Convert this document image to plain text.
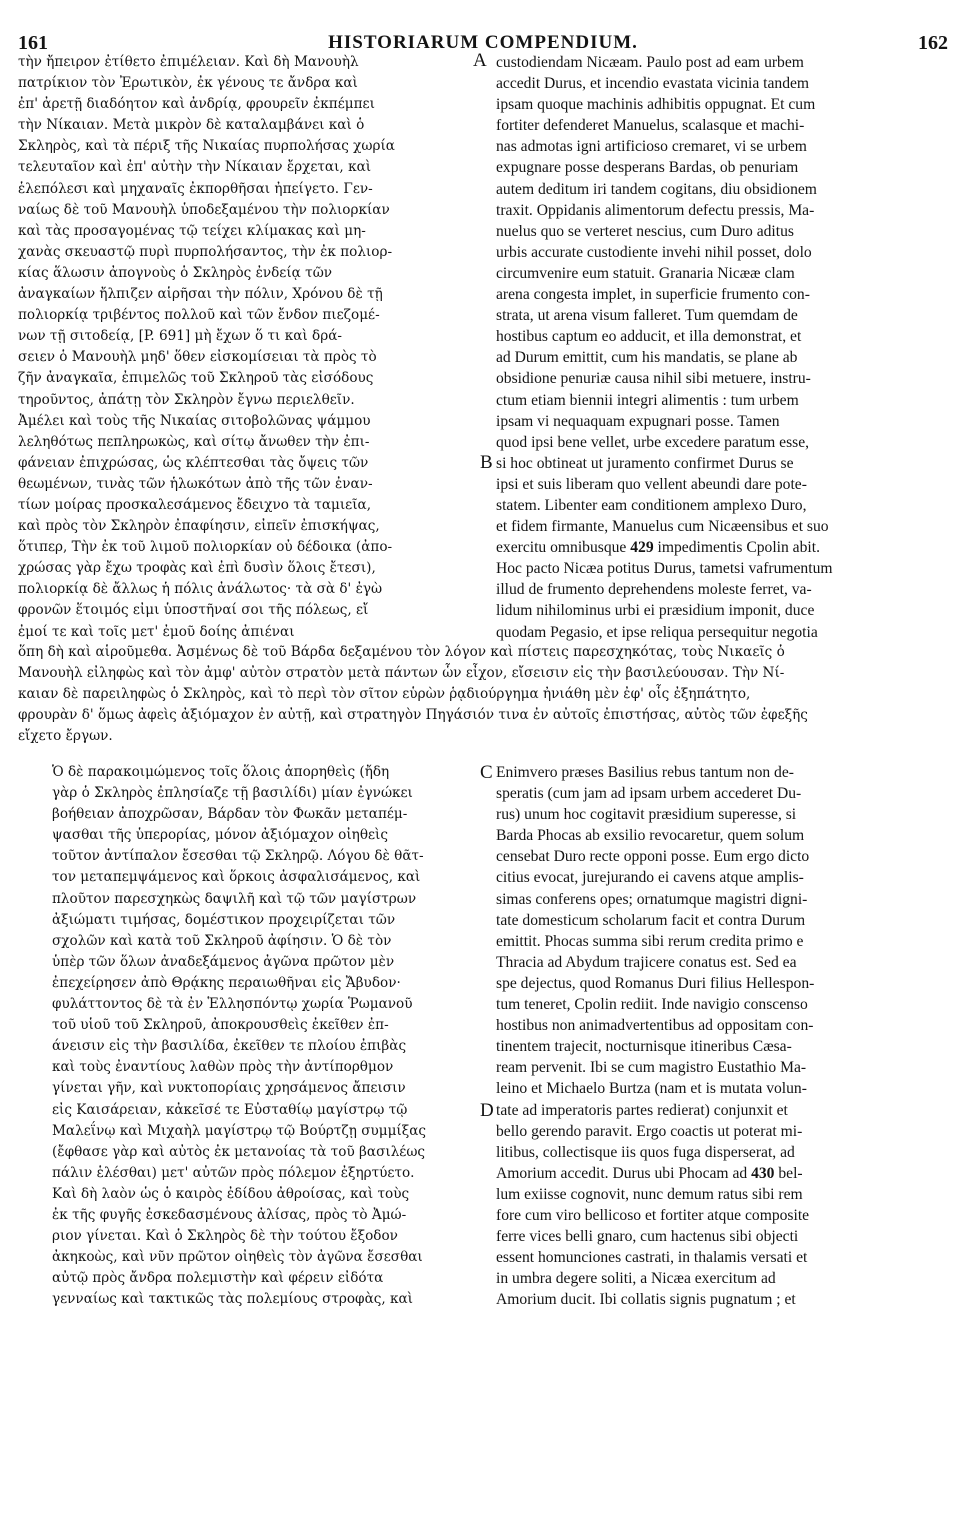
161	HISTORIARUM COMPENDIUM.	162
τὴν ἤπειρον ἐτίθετο ἐπιμέλειαν. Καὶ δὴ Μανουὴλ
πατρίκιον τὸν Ἐρωτικὸν, ἐκ γένους τε ἄνδρα καὶ
ἐπ' ἀρετῇ διαδόητον καὶ ἀνδρίᾳ, φρουρεῖν ἐκπέμπει
τὴν Νίκαιαν. Μετὰ μικρὸν δὲ καταλαμβάνει καὶ ὁ
Σκληρὸς, καὶ τὰ πέριξ τῆς Νικαίας πυρπολήσας χωρία
τελευταῖον καὶ ἐπ' αὐτὴν τὴν Νίκαιαν ἔρχεται, καὶ
ἑλεπόλεσι καὶ μηχαναῖς ἐκπορθῆσαι ἠπείγετο. Γεν-
ναίως δὲ τοῦ Μανουὴλ ὑποδεξαμένου τὴν πολιορκίαν
καὶ τὰς προσαγομένας τῷ τείχει κλίμακας καὶ μη-
χανὰς σκευαστῷ πυρὶ πυρπολήσαντος, τὴν ἐκ πολιορ-
κίας ἅλωσιν ἀπογνοὺς ὁ Σκληρὸς ἐνδείᾳ τῶν
ἀναγκαίων ἤλπιζεν αἱρῆσαι τὴν πόλιν, Χρόνου δὲ τῇ
πολιορκίᾳ τριβέντος πολλοῦ καὶ τῶν ἔνδον πιεζομέ-
νων τῇ σιτοδείᾳ, [P. 691] μὴ ἔχων ὅ τι καὶ δρά-
σειεν ὁ Μανουὴλ μηδ' ὅθεν εἰσκομίσειαι τὰ πρὸς τὸ
ζῆν ἀναγκαῖα, ἐπιμελῶς τοῦ Σκληροῦ τὰς εἰσόδους
τηροῦντος, ἀπάτῃ τὸν Σκληρὸν ἔγνω περιελθεῖν.
Ἀμέλει καὶ τοὺς τῆς Νικαίας σιτοβολῶνας ψάμμου
λεληθότως πεπληρωκὼς, καὶ σίτῳ ἄνωθεν τὴν ἐπι-
φάνειαν ἐπιχρώσας, ὡς κλέπτεσθαι τὰς ὄψεις τῶν
θεωμένων, τινὰς τῶν ἡλωκότων ἀπὸ τῆς τῶν ἐναν-
τίων μοίρας προσκαλεσάμενος ἔδειχνο τὰ ταμιεῖα,
καὶ πρὸς τὸν Σκληρὸν ἐπαφίησιν, εἰπεῖν ἐπισκήψας,
ὅτιπερ, Τὴν ἐκ τοῦ λιμοῦ πολιορκίαν οὐ δέδοικα (ἀπο-
χρώσας γὰρ ἔχω τροφὰς καὶ ἐπὶ δυσὶν ὅλοις ἔτεσι),
πολιορκίᾳ δὲ ἄλλως ἡ πόλις ἀνάλωτος· τὰ σὰ δ' ἐγὼ
φρονῶν ἕτοιμός εἰμι ὑποστῆναί σοι τῆς πόλεως, εἴ
ἐμοί τε καὶ τοῖς μετ' ἐμοῦ δοίης ἀπιέναι
A
B
custodiendam Nicæam. Paulo post ad eam urbem
accedit Durus, et incendio evastata vicinia tandem
ipsam quoque machinis adhibitis oppugnat. Et cum
fortiter defenderet Manuelus, scalasque et machi-
nas admotas igni artificioso cremaret, vi se urbem
expugnare posse desperans Bardas, ob penuriam
autem deditum iri tandem cogitans, diu obsidionem
traxit. Oppidanis alimentorum defectu pressis, Ma-
nuelus quo se verteret nescius, cum Duro aditus
urbis accurate custodiente invehi nihil posset, dolo
circumvenire eum statuit. Granaria Nicææ clam
arena congesta implet, in superficie frumento con-
strata, ut arena visum falleret. Tum quemdam de
hostibus captum eo adducit, et illa demonstrat, et
ad Durum emittit, cum his mandatis, se plane ab
obsidione penuriæ causa nihil sibi metuere, instru-
ctum etiam biennii integri alimentis : tum urbem
ipsam vi nequaquam expugnari posse. Tamen
quod ipsi bene vellet, urbe excedere paratum esse,
si hoc obtineat ut juramento confirmet Durus se
ipsi et suis liberam quo vellent abeundi dare pote-
statem. Libenter eam conditionem amplexo Duro,
et fidem firmante, Manuelus cum Nicæensibus et suo
exercitu omnibusque 429 impedimentis Cpolin abit.
Hoc pacto Nicæa potitus Durus, tametsi vafrumentum
illud de frumento deprehendens moleste ferret, va-
lidum nihilominus urbi ei præsidium imponit, duce
quodam Pegasio, et ipse reliqua persequitur negotia
ὅπη δὴ καὶ αἱροῦμεθα. Ἀσμένως δὲ τοῦ Βάρδα δεξαμένου τὸν λόγον καὶ πίστεις παρεσχηκότας, τοὺς Νικαεῖς ὁ
Μανουὴλ εἰληφὼς καὶ τὸν ἀμφ' αὐτὸν στρατὸν μετὰ πάντων ὧν εἶχον, εἴσεισιν εἰς τὴν βασιλεύουσαν. Τὴν Νί-
καιαν δὲ παρειληφὼς ὁ Σκληρὸς, καὶ τὸ περὶ τὸν σῖτον εὑρὼν ῥᾳδιούργημα ἠνιάθη μὲν ἐφ' οἷς ἐξηπάτητο,
φρουρὰν δ' ὅμως ἀφεὶς ἀξιόμαχον ἐν αὐτῇ, καὶ στρατηγὸν Πηγάσιόν τινα ἐν αὐτοῖς ἐπιστήσας, αὐτὸς τῶν ἐφεξῆς
εἴχετο ἔργων.
Ὁ δὲ παρακοιμώμενος τοῖς ὅλοις ἀπορηθεὶς (ἤδη
γὰρ ὁ Σκληρὸς ἐπλησίαζε τῇ βασιλίδι) μίαν ἐγνώκει
βοήθειαν ἀποχρῶσαν, Βάρδαν τὸν Φωκᾶν μεταπέμ-
ψασθαι τῆς ὑπερορίας, μόνον ἀξιόμαχον οἰηθεὶς
τοῦτον ἀντίπαλον ἔσεσθαι τῷ Σκληρῷ. Λόγου δὲ θᾶτ-
τον μεταπεμψάμενος καὶ ὅρκοις ἀσφαλισάμενος, καὶ
πλοῦτον παρεσχηκὼς δαψιλῆ καὶ τῷ τῶν μαγίστρων
ἀξιώματι τιμήσας, δομέστικον προχειρίζεται τῶν
σχολῶν καὶ κατὰ τοῦ Σκληροῦ ἀφίησιν. Ὁ δὲ τὸν
ὑπὲρ τῶν ὅλων ἀναδεξάμενος ἀγῶνα πρῶτον μὲν
ἐπεχείρησεν ἀπὸ Θρᾴκης περαιωθῆναι εἰς Ἄβυδον·
φυλάττοντος δὲ τὰ ἐν Ἑλλησπόντῳ χωρία Ῥωμανοῦ
τοῦ υἱοῦ τοῦ Σκληροῦ, ἀποκρουσθεὶς ἐκεῖθεν ἐπ-
άνεισιν εἰς τὴν βασιλίδα, ἐκεῖθεν τε πλοίου ἐπιβὰς
καὶ τοὺς ἐναντίους λαθὼν πρὸς τὴν ἀντίπορθμον
γίνεται γῆν, καὶ νυκτοπορίαις χρησάμενος ἄπεισιν
εἰς Καισάρειαν, κἀκεῖσέ τε Εὐσταθίῳ μαγίστρῳ τῷ
Μαλεΐνῳ καὶ Μιχαὴλ μαγίστρῳ τῷ Βούρτζῃ συμμίξας
(ἔφθασε γὰρ καὶ αὐτὸς ἐκ μετανοίας τὰ τοῦ βασιλέως
πάλιν ἑλέσθαι) μετ' αὐτῶν πρὸς πόλεμον ἐξηρτύετο.
Καὶ δὴ λαὸν ὡς ὁ καιρὸς ἐδίδου ἀθροίσας, καὶ τοὺς
ἐκ τῆς φυγῆς ἐσκεδασμένους ἀλίσας, πρὸς τὸ Ἀμώ-
ριον γίνεται. Καὶ ὁ Σκληρὸς δὲ τὴν τούτου ἔξοδον
ἀκηκοὼς, καὶ νῦν πρῶτον οἰηθεὶς τὸν ἀγῶνα ἔσεσθαι
αὐτῷ πρὸς ἄνδρα πολεμιστὴν καὶ φέρειν εἰδότα
γενναίως καὶ τακτικῶς τὰς πολεμίους στροφὰς, καὶ
C
D
Enimvero præses Basilius rebus tantum non de-
speratis (cum jam ad ipsam urbem accederet Du-
rus) unum hoc cogitavit præsidium superesse, si
Barda Phocas ab exsilio revocaretur, quem solum
censebat Duro recte opponi posse. Eum ergo dicto
citius evocat, jurejurando ei cavens atque amplis-
simas conferens opes; ornatumque magistri digni-
tate domesticum scholarum facit et contra Durum
emittit. Phocas summa sibi rerum credita primo e
Thracia ad Abydum trajicere conatus est. Sed ea
spe dejectus, quod Romanus Duri filius Hellespon-
tum teneret, Cpolin rediit. Inde navigio conscenso
hostibus non animadvertentibus ad oppositam con-
tinentem trajecit, nocturnisque itineribus Cæsa-
ream pervenit. Ibi se cum magistro Eustathio Ma-
leino et Michaelo Burtza (nam et is mutata volun-
tate ad imperatoris partes redierat) conjunxit et
bello gerendo paravit. Ergo coactis ut poterat mi-
litibus, collectisque iis quos fuga disperserat, ad
Amorium accedit. Durus ubi Phocam ad 430 bel-
lum exiisse cognovit, nunc demum ratus sibi rem
fore cum viro bellicoso et fortiter atque composite
ferre vices belli gnaro, cum hactenus sibi objecti
essent homunciones castrati, in thalamis versati et
in umbra degere soliti, a Nicæa exercitum ad
Amorium ducit. Ibi collatis signis pugnatum ; et
